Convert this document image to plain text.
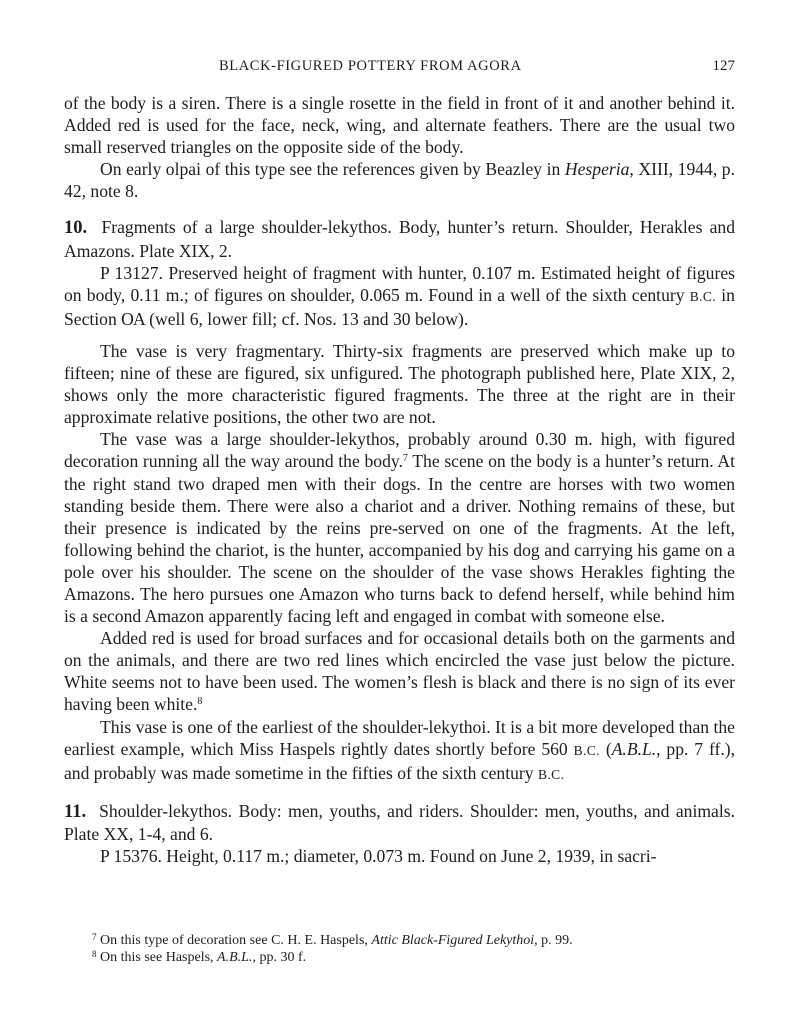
BLACK-FIGURED POTTERY FROM AGORA	127

of the body is a siren. There is a single rosette in the field in front of it and another behind it. Added red is used for the face, neck, wing, and alternate feathers. There are the usual two small reserved triangles on the opposite side of the body.

On early olpai of this type see the references given by Beazley in Hesperia, XIII, 1944, p. 42, note 8.

10. Fragments of a large shoulder-lekythos. Body, hunter’s return. Shoulder, Herakles and Amazons. Plate XIX, 2.

P 13127. Preserved height of fragment with hunter, 0.107 m. Estimated height of figures on body, 0.11 m.; of figures on shoulder, 0.065 m. Found in a well of the sixth century B.C. in Section ΟΑ (well 6, lower fill; cf. Nos. 13 and 30 below).

The vase is very fragmentary. Thirty-six fragments are preserved which make up to fifteen; nine of these are figured, six unfigured. The photograph published here, Plate XIX, 2, shows only the more characteristic figured fragments. The three at the right are in their approximate relative positions, the other two are not.

The vase was a large shoulder-lekythos, probably around 0.30 m. high, with figured decoration running all the way around the body.$^7$ The scene on the body is a hunter’s return. At the right stand two draped men with their dogs. In the centre are horses with two women standing beside them. There were also a chariot and a driver. Nothing remains of these, but their presence is indicated by the reins pre-served on one of the fragments. At the left, following behind the chariot, is the hunter, accompanied by his dog and carrying his game on a pole over his shoulder. The scene on the shoulder of the vase shows Herakles fighting the Amazons. The hero pursues one Amazon who turns back to defend herself, while behind him is a second Amazon apparently facing left and engaged in combat with someone else.

Added red is used for broad surfaces and for occasional details both on the garments and on the animals, and there are two red lines which encircled the vase just below the picture. White seems not to have been used. The women’s flesh is black and there is no sign of its ever having been white.$^8$

This vase is one of the earliest of the shoulder-lekythoi. It is a bit more developed than the earliest example, which Miss Haspels rightly dates shortly before 560 B.C. (A.B.L., pp. 7 ff.), and probably was made sometime in the fifties of the sixth century B.C.

11. Shoulder-lekythos. Body: men, youths, and riders. Shoulder: men, youths, and animals. Plate XX, 1-4, and 6.

P 15376. Height, 0.117 m.; diameter, 0.073 m. Found on June 2, 1939, in sacri-

$^7$ On this type of decoration see C. H. E. Haspels, Attic Black-Figured Lekythoi, p. 99.

$^8$ On this see Haspels, A.B.L., pp. 30 f.
